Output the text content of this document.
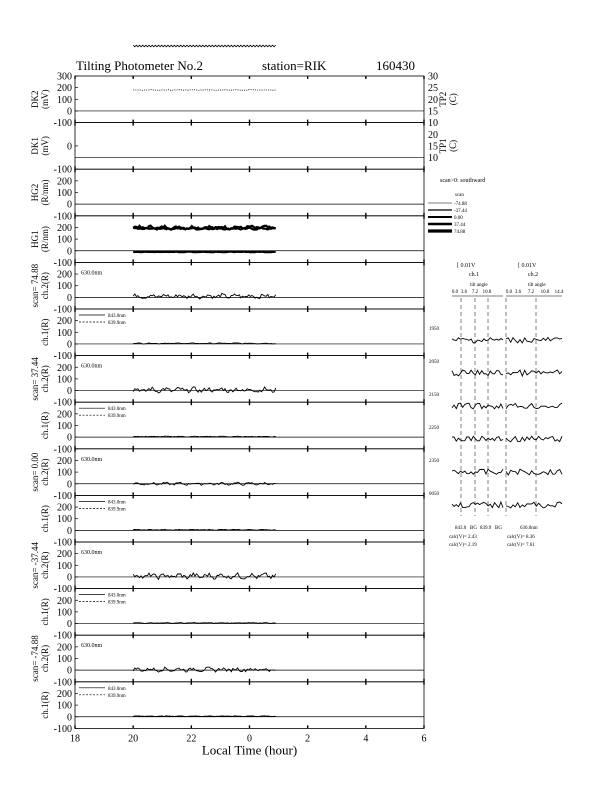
Tilting Photometer No.2	station=RIK	160430
300
200
100
0
-100
DK2 (mV)
30
25
20
15
10
TP2 (C)
0
-100
DK1 (mV)
20
15
10
TP1 (C)
200
100
0
-100
HG2 (R/nm)
200
100
0
-100
HG1 (R/nm)
200
100
0
-100
scan= 74.88 ch.2(R)	630.0nm
200
100
0
-100
ch.1(R)
843.0nm
839.9nm
200
100
0
-100
scan= 37.44 ch.2(R)	630.0nm
200
100
0
-100
ch.1(R)
843.0nm
839.9nm
200
100
0
-100
scan= 0.00 ch.2(R)	630.0nm
200
100
0
-100
ch.1(R)
843.0nm
839.9nm
200
100
0
-100
scan= -37.44 ch.2(R)	630.0nm
200
100
0
-100
ch.1(R)
843.0nm
839.9nm
200
100
0
-100
scan= -74.88 ch.2(R)	630.0nm
200
100
0
-100
ch.1(R)
843.0nm
839.9nm
18	20	22	0	2	4	6
Local Time (hour)
scan>0: southward
scan
-74.88
-37.44
0.00
37.44
74.88
[ 0.01V	[ 0.01V
ch.1	ch.2
tilt angle	tilt angle
0.0 3.6 7.2 10.8	0.0 3.6 7.2 10.8 14.4
1950
2050
2150
2250
2350
0050
843.0 BG 839.9 BG	630.0nm
calc(V)= 2.43
calc(V)= 2.19
calc(V)= 8.36
calc(V)= 7.61
